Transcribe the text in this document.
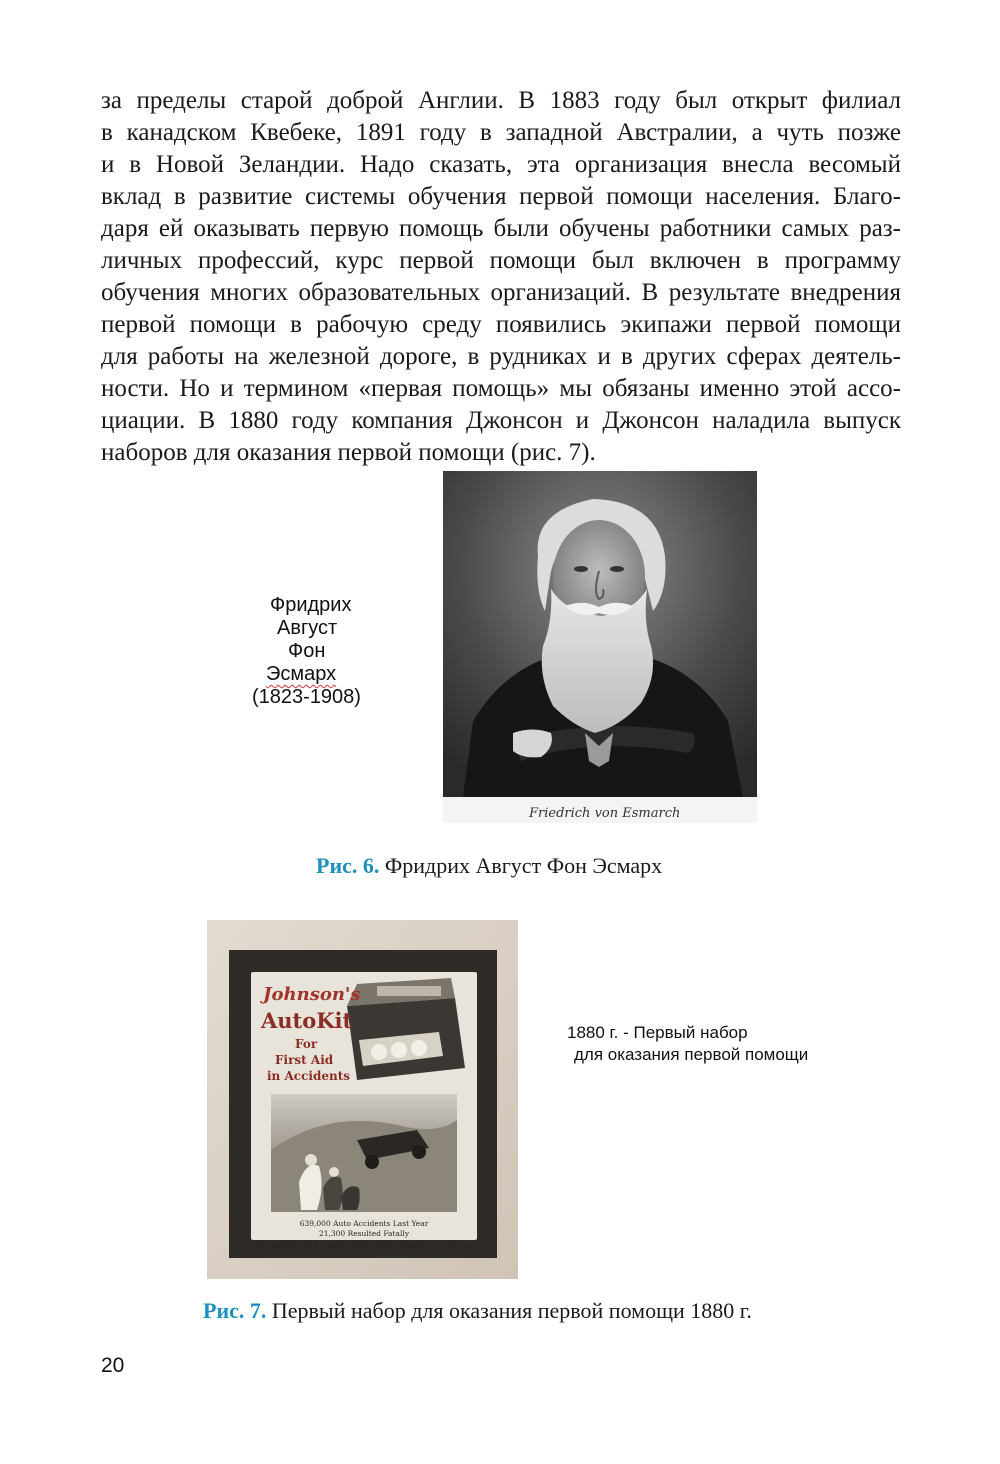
за пределы старой доброй Англии. В 1883 году был открыт филиал
в канадском Квебеке, 1891 году в западной Австралии, а чуть позже
и в Новой Зеландии. Надо сказать, эта организация внесла весомый
вклад в развитие системы обучения первой помощи населения. Благо-
даря ей оказывать первую помощь были обучены работники самых раз-
личных профессий, курс первой помощи был включен в программу
обучения многих образовательных организаций. В результате внедрения
первой помощи в рабочую среду появились экипажи первой помощи
для работы на железной дороге, в рудниках и в других сферах деятель-
ности. Но и термином «первая помощь» мы обязаны именно этой ассо-
циации. В 1880 году компания Джонсон и Джонсон наладила выпуск
наборов для оказания первой помощи (рис. 7).

Фридрих
Август
Фон
Эсмарх
(1823-1908)
Friedrich von Esmarch
Рис. 6. Фридрих Август Фон Эсмарх
Johnson's
AutoKit
For
First Aid
in Accidents
639,000 Auto Accidents Last Year
21,300 Resulted Fatally
THOUSANDS COULD HAVE BEEN SAVED THROUGH FIRST AID
1880 г. - Первый набор
для оказания первой помощи
Рис. 7. Первый набор для оказания первой помощи 1880 г.
20
